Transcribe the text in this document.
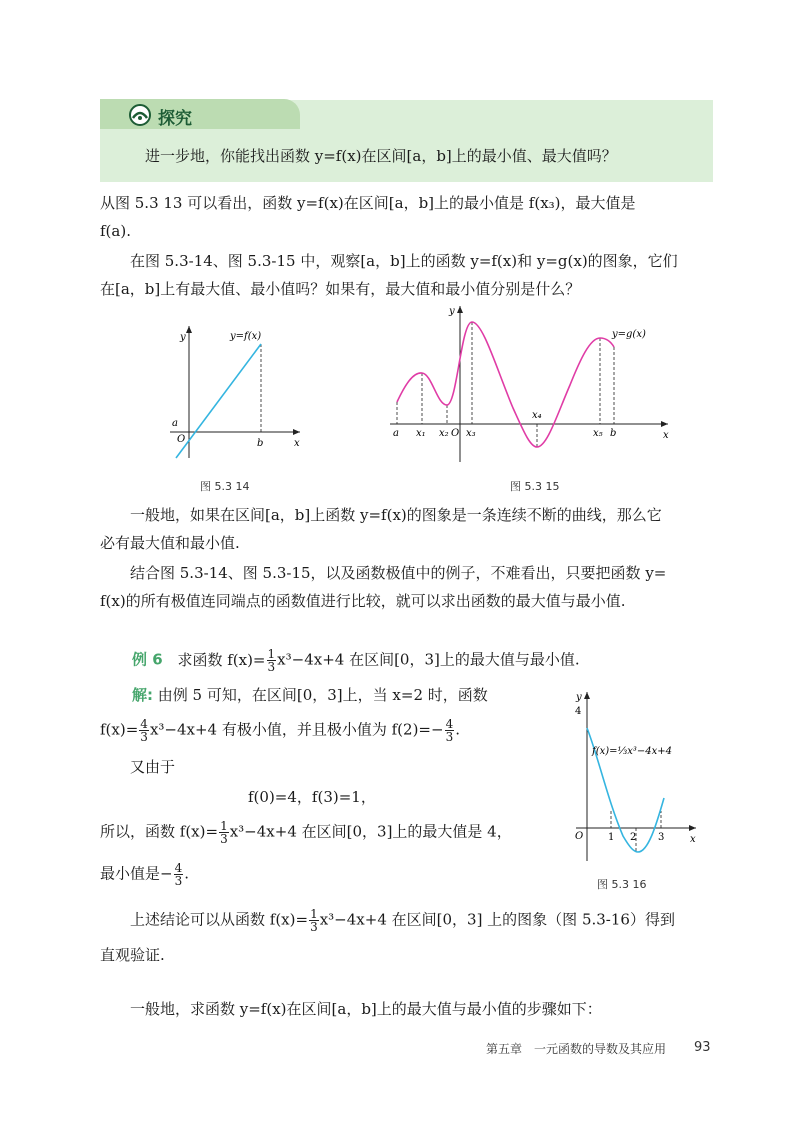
探究
进一步地，你能找出函数 y=f(x)在区间[a，b]上的最小值、最大值吗？
从图 5.3 13 可以看出，函数 y=f(x)在区间[a，b]上的最小值是 f(x₃)，最大值是
f(a).
在图 5.3-14、图 5.3-15 中，观察[a，b]上的函数 y=f(x)和 y=g(x)的图象，它们
在[a，b]上有最大值、最小值吗？如果有，最大值和最小值分别是什么？
y
x
O
a
b
y=f(x)
图 5.3 14
y
x
a x₁ x₂ O x₃
x₄
x₅ b
y=g(x)
图 5.3 15
一般地，如果在区间[a，b]上函数 y=f(x)的图象是一条连续不断的曲线，那么它
必有最大值和最小值.
结合图 5.3-14、图 5.3-15，以及函数极值中的例子，不难看出，只要把函数 y=
f(x)的所有极值连同端点的函数值进行比较，就可以求出函数的最大值与最小值.
例 6 求函数 $f(x)= \frac{1}{3} x^3-4x+4$ 在区间[0，3]上的最大值与最小值.
解: 由例 5 可知，在区间[0，3]上，当 x=2 时，函数
$f(x)= \frac{4}{3} x^3-4x+4$ 有极小值，并且极小值为 $f(2)=- \frac{4}{3}$ .
又由于
f(0)=4，f(3)=1，
所以，函数 $f(x)= \frac{1}{3} x^3-4x+4$ 在区间[0，3]上的最大值是 4，
最小值是− $\frac{4}{3}$ .
y
x
O
4
1 2 3
f(x)=⅓x³−4x+4
图 5.3 16
上述结论可以从函数 $f(x)= \frac{1}{3} x^3-4x+4$ 在区间[0，3] 上的图象（图 5.3-16）得到
直观验证.
一般地，求函数 y=f(x)在区间[a，b]上的最大值与最小值的步骤如下：
第五章　一元函数的导数及其应用 93
